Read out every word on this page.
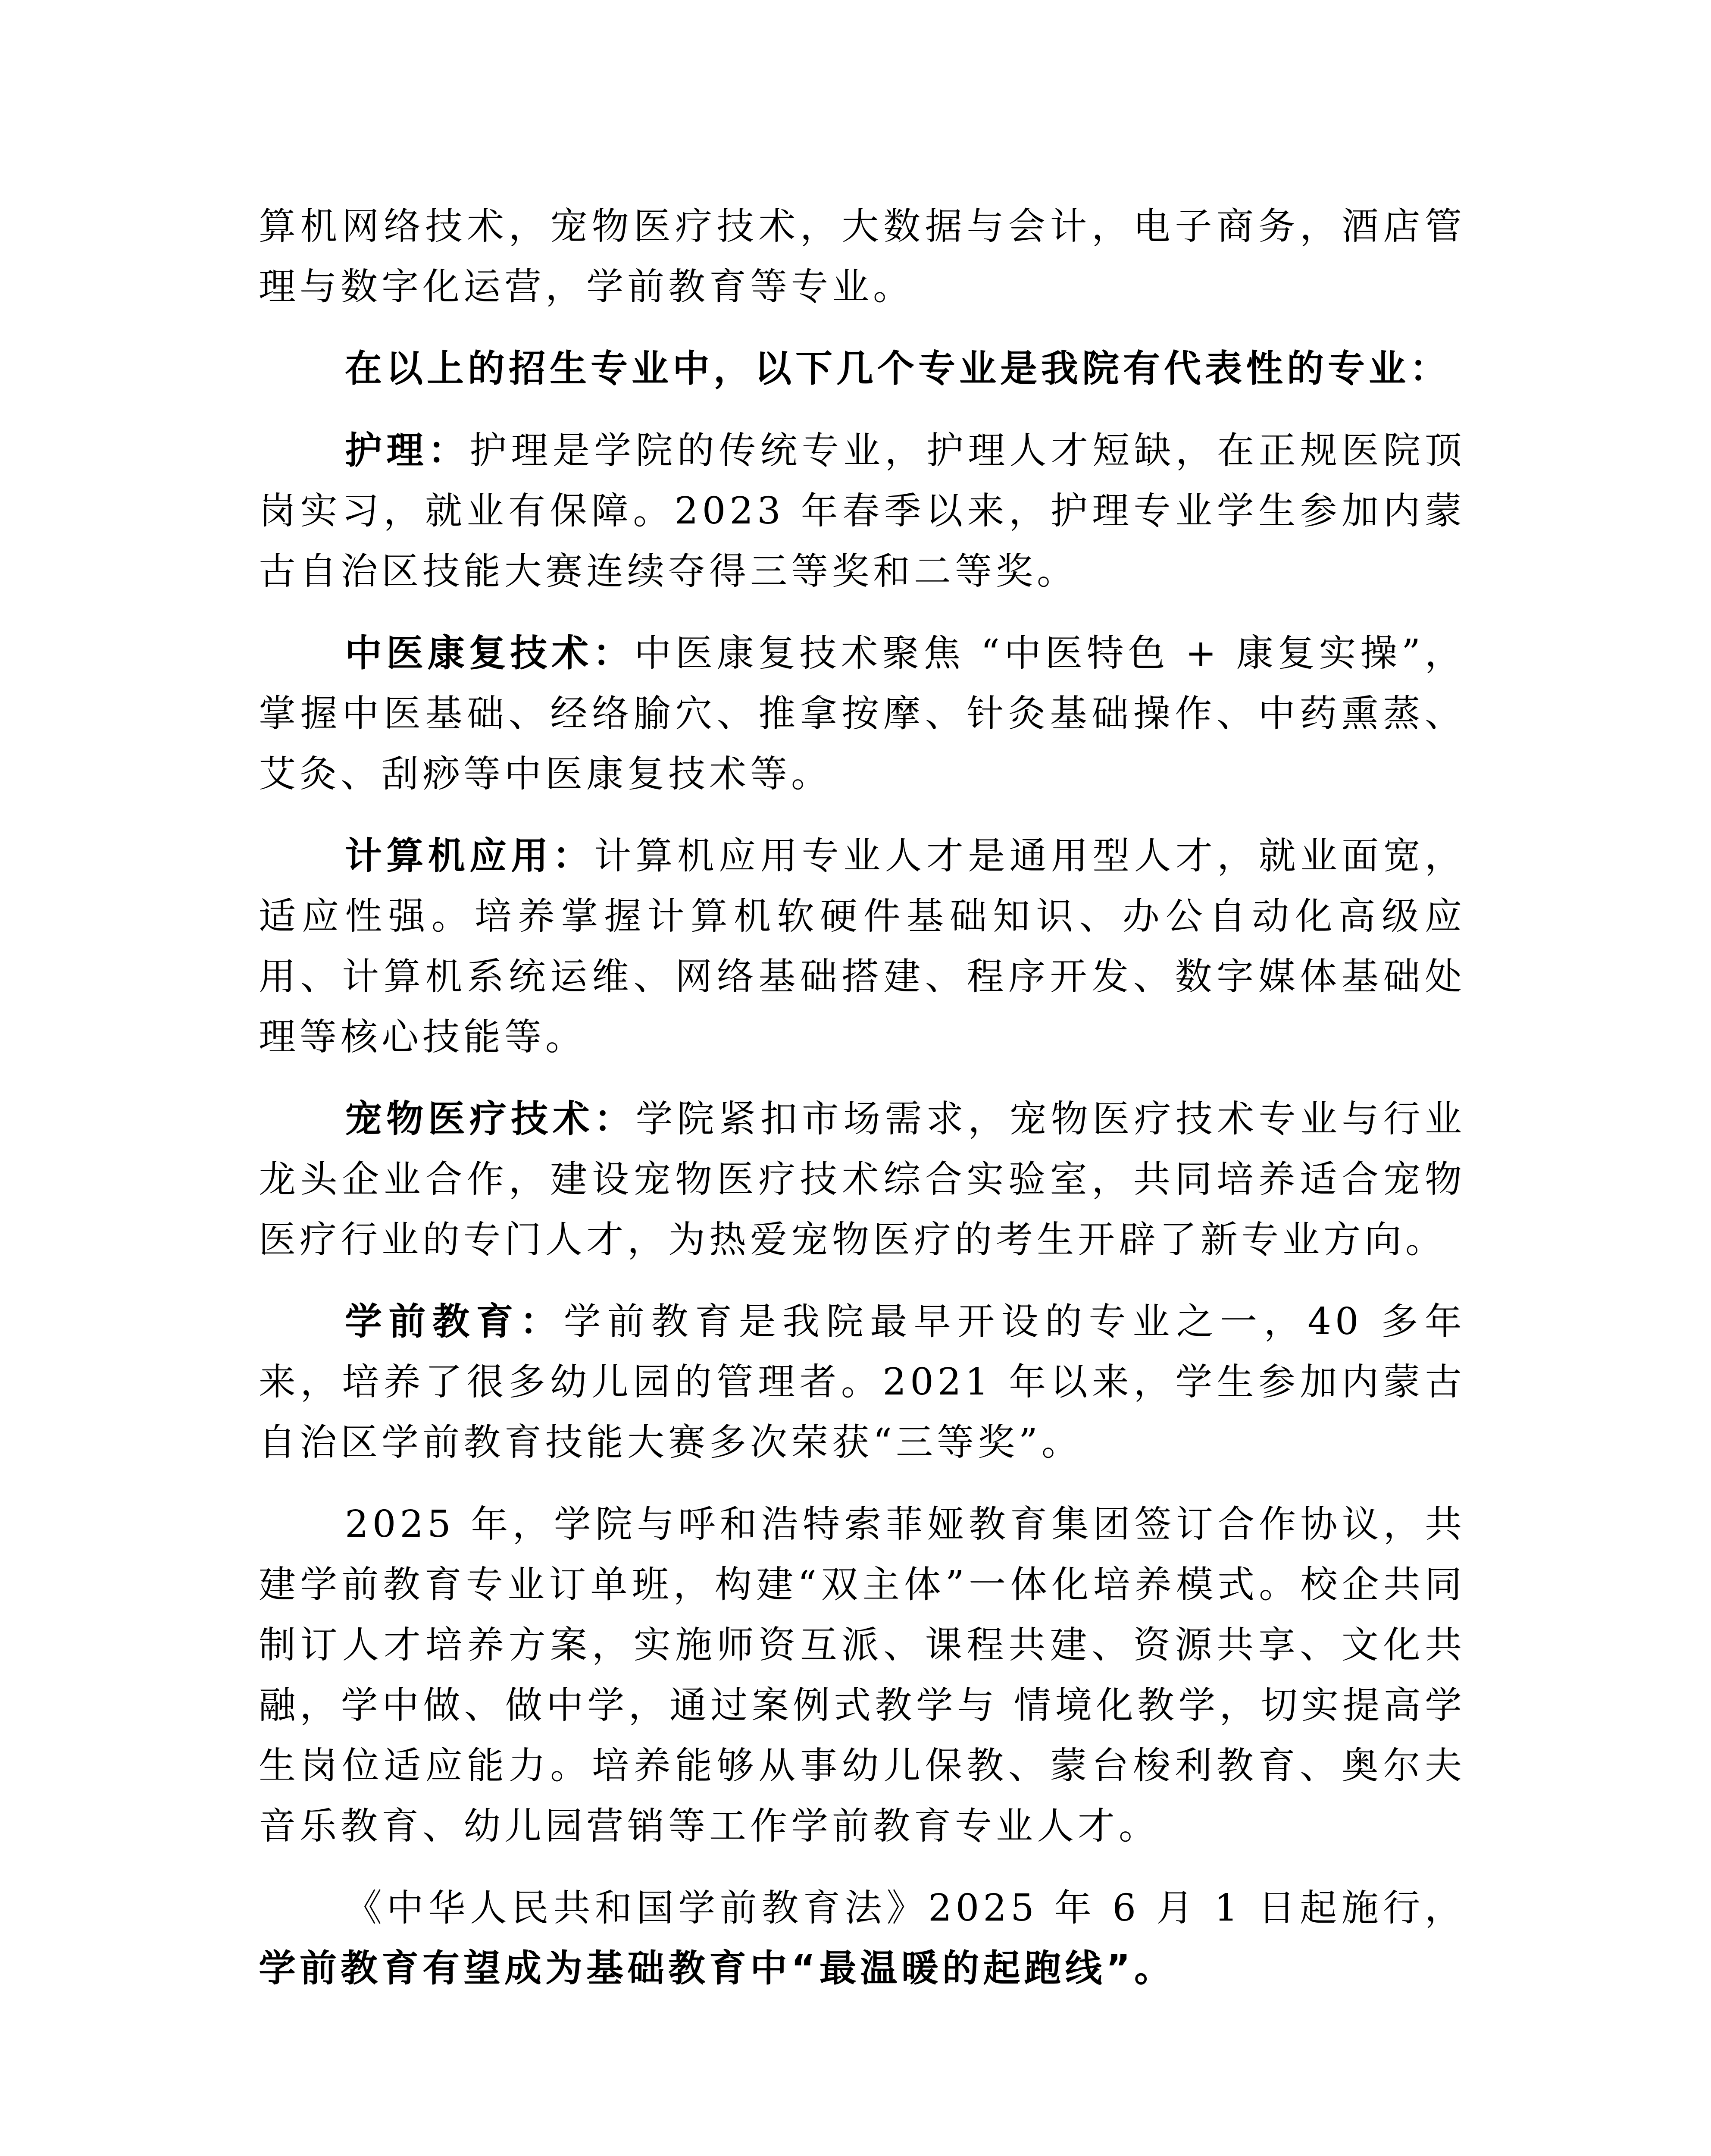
算机网络技术，宠物医疗技术，大数据与会计，电子商务，酒店管理与数字化运营，学前教育等专业。

在以上的招生专业中，以下几个专业是我院有代表性的专业：

护理：护理是学院的传统专业，护理人才短缺，在正规医院顶岗实习，就业有保障。2023 年春季以来，护理专业学生参加内蒙古自治区技能大赛连续夺得三等奖和二等奖。

中医康复技术：中医康复技术聚焦 “中医特色 + 康复实操”，掌握中医基础、经络腧穴、推拿按摩、针灸基础操作、中药熏蒸、艾灸、刮痧等中医康复技术等。

计算机应用：计算机应用专业人才是通用型人才，就业面宽，适应性强。培养掌握计算机软硬件基础知识、办公自动化高级应用、计算机系统运维、网络基础搭建、程序开发、数字媒体基础处理等核心技能等。

宠物医疗技术：学院紧扣市场需求，宠物医疗技术专业与行业龙头企业合作，建设宠物医疗技术综合实验室，共同培养适合宠物医疗行业的专门人才，为热爱宠物医疗的考生开辟了新专业方向。

学前教育：学前教育是我院最早开设的专业之一，40 多年来，培养了很多幼儿园的管理者。2021 年以来，学生参加内蒙古自治区学前教育技能大赛多次荣获“三等奖”。

2025 年，学院与呼和浩特索菲娅教育集团签订合作协议，共建学前教育专业订单班，构建“双主体”一体化培养模式。校企共同制订人才培养方案，实施师资互派、课程共建、资源共享、文化共融，学中做、做中学，通过案例式教学与 情境化教学，切实提高学生岗位适应能力。培养能够从事幼儿保教、蒙台梭利教育、奥尔夫音乐教育、幼儿园营销等工作学前教育专业人才。

《中华人民共和国学前教育法》2025 年 6 月 1 日起施行，学前教育有望成为基础教育中“最温暖的起跑线”。
